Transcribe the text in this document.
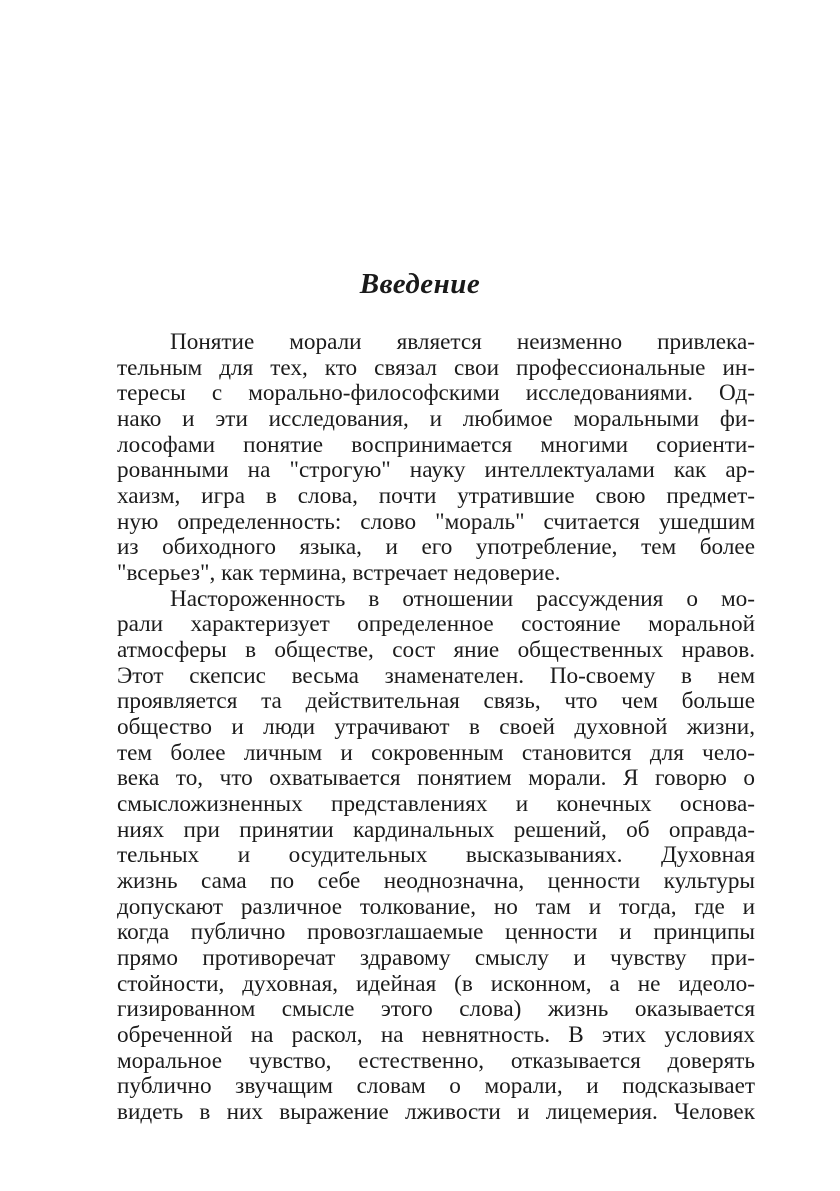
Введение
Понятие морали является неизменно привлека-
тельным для тех, кто связал свои профессиональные ин-
тересы с морально-философскими исследованиями. Од-
нако и эти исследования, и любимое моральными фи-
лософами понятие воспринимается многими сориенти-
рованными на "строгую" науку интеллектуалами как ар-
хаизм, игра в слова, почти утратившие свою предмет-
ную определенность: слово "мораль" считается ушедшим
из обиходного языка, и его употребление, тем более
"всерьез", как термина, встречает недоверие.
Настороженность в отношении рассуждения о мо-
рали характеризует определенное состояние моральной
атмосферы в обществе, сост яние общественных нравов.
Этот скепсис весьма знаменателен. По-своему в нем
проявляется та действительная связь, что чем больше
общество и люди утрачивают в своей духовной жизни,
тем более личным и сокровенным становится для чело-
века то, что охватывается понятием морали. Я говорю о
смысложизненных представлениях и конечных основа-
ниях при принятии кардинальных решений, об оправда-
тельных и осудительных высказываниях. Духовная
жизнь сама по себе неоднозначна, ценности культуры
допускают различное толкование, но там и тогда, где и
когда публично провозглашаемые ценности и принципы
прямо противоречат здравому смыслу и чувству при-
стойности, духовная, идейная (в исконном, а не идеоло-
гизированном смысле этого слова) жизнь оказывается
обреченной на раскол, на невнятность. В этих условиях
моральное чувство, естественно, отказывается доверять
публично звучащим словам о морали, и подсказывает
видеть в них выражение лживости и лицемерия. Человек
